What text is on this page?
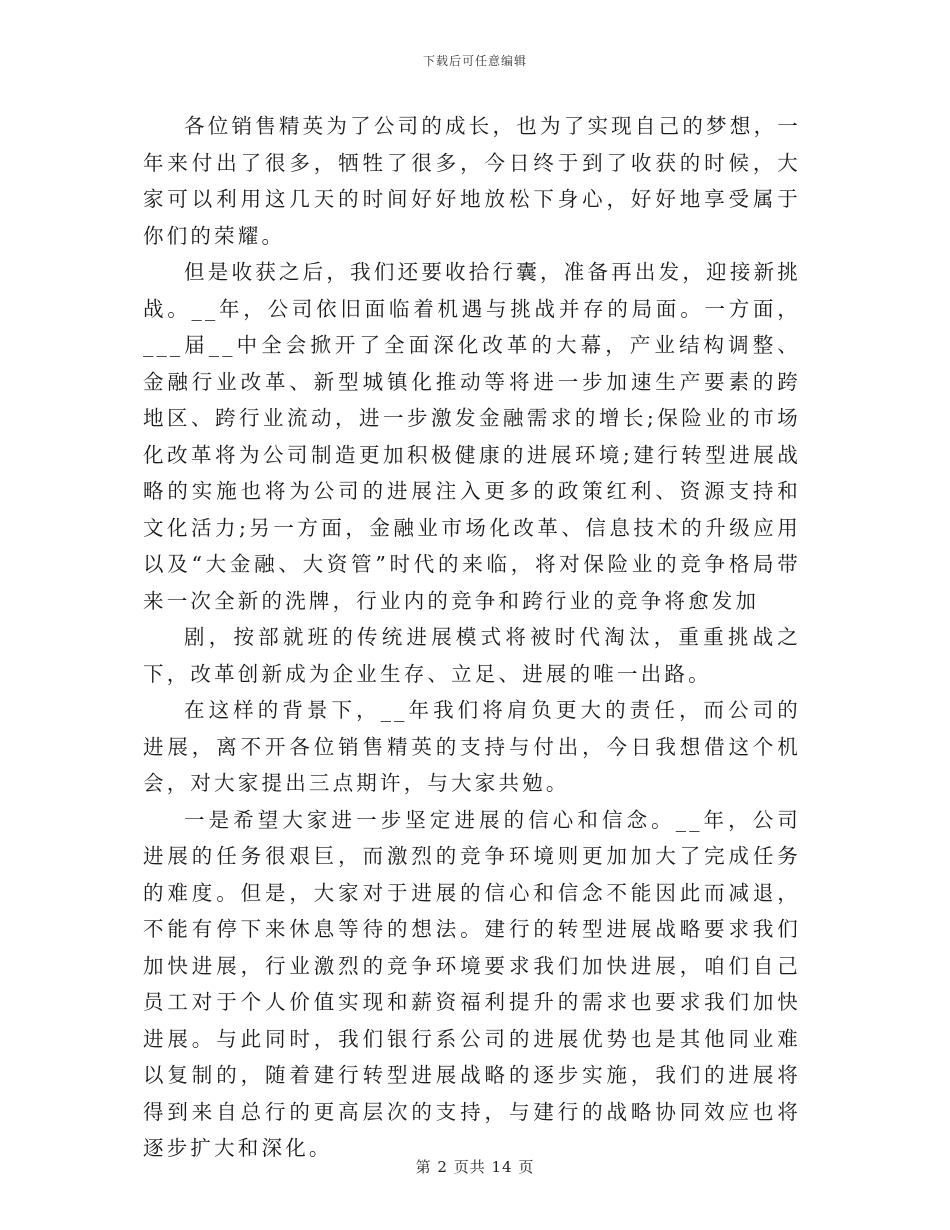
下载后可任意编辑

各位销售精英为了公司的成长，也为了实现自己的梦想，一年来付出了很多，牺牲了很多，今日终于到了收获的时候，大家可以利用这几天的时间好好地放松下身心，好好地享受属于你们的荣耀。

但是收获之后，我们还要收拾行囊，准备再出发，迎接新挑战。__年，公司依旧面临着机遇与挑战并存的局面。一方面，___届__中全会掀开了全面深化改革的大幕，产业结构调整、金融行业改革、新型城镇化推动等将进一步加速生产要素的跨地区、跨行业流动，进一步激发金融需求的增长;保险业的市场化改革将为公司制造更加积极健康的进展环境;建行转型进展战略的实施也将为公司的进展注入更多的政策红利、资源支持和文化活力;另一方面，金融业市场化改革、信息技术的升级应用以及“大金融、大资管”时代的来临，将对保险业的竞争格局带来一次全新的洗牌，行业内的竞争和跨行业的竞争将愈发加

剧，按部就班的传统进展模式将被时代淘汰，重重挑战之下，改革创新成为企业生存、立足、进展的唯一出路。

在这样的背景下，__年我们将肩负更大的责任，而公司的进展，离不开各位销售精英的支持与付出，今日我想借这个机会，对大家提出三点期许，与大家共勉。

一是希望大家进一步坚定进展的信心和信念。__年，公司进展的任务很艰巨，而激烈的竞争环境则更加加大了完成任务的难度。但是，大家对于进展的信心和信念不能因此而减退，不能有停下来休息等待的想法。建行的转型进展战略要求我们加快进展，行业激烈的竞争环境要求我们加快进展，咱们自己员工对于个人价值实现和薪资福利提升的需求也要求我们加快进展。与此同时，我们银行系公司的进展优势也是其他同业难以复制的，随着建行转型进展战略的逐步实施，我们的进展将得到来自总行的更高层次的支持，与建行的战略协同效应也将逐步扩大和深化。

第 2 页共 14 页
